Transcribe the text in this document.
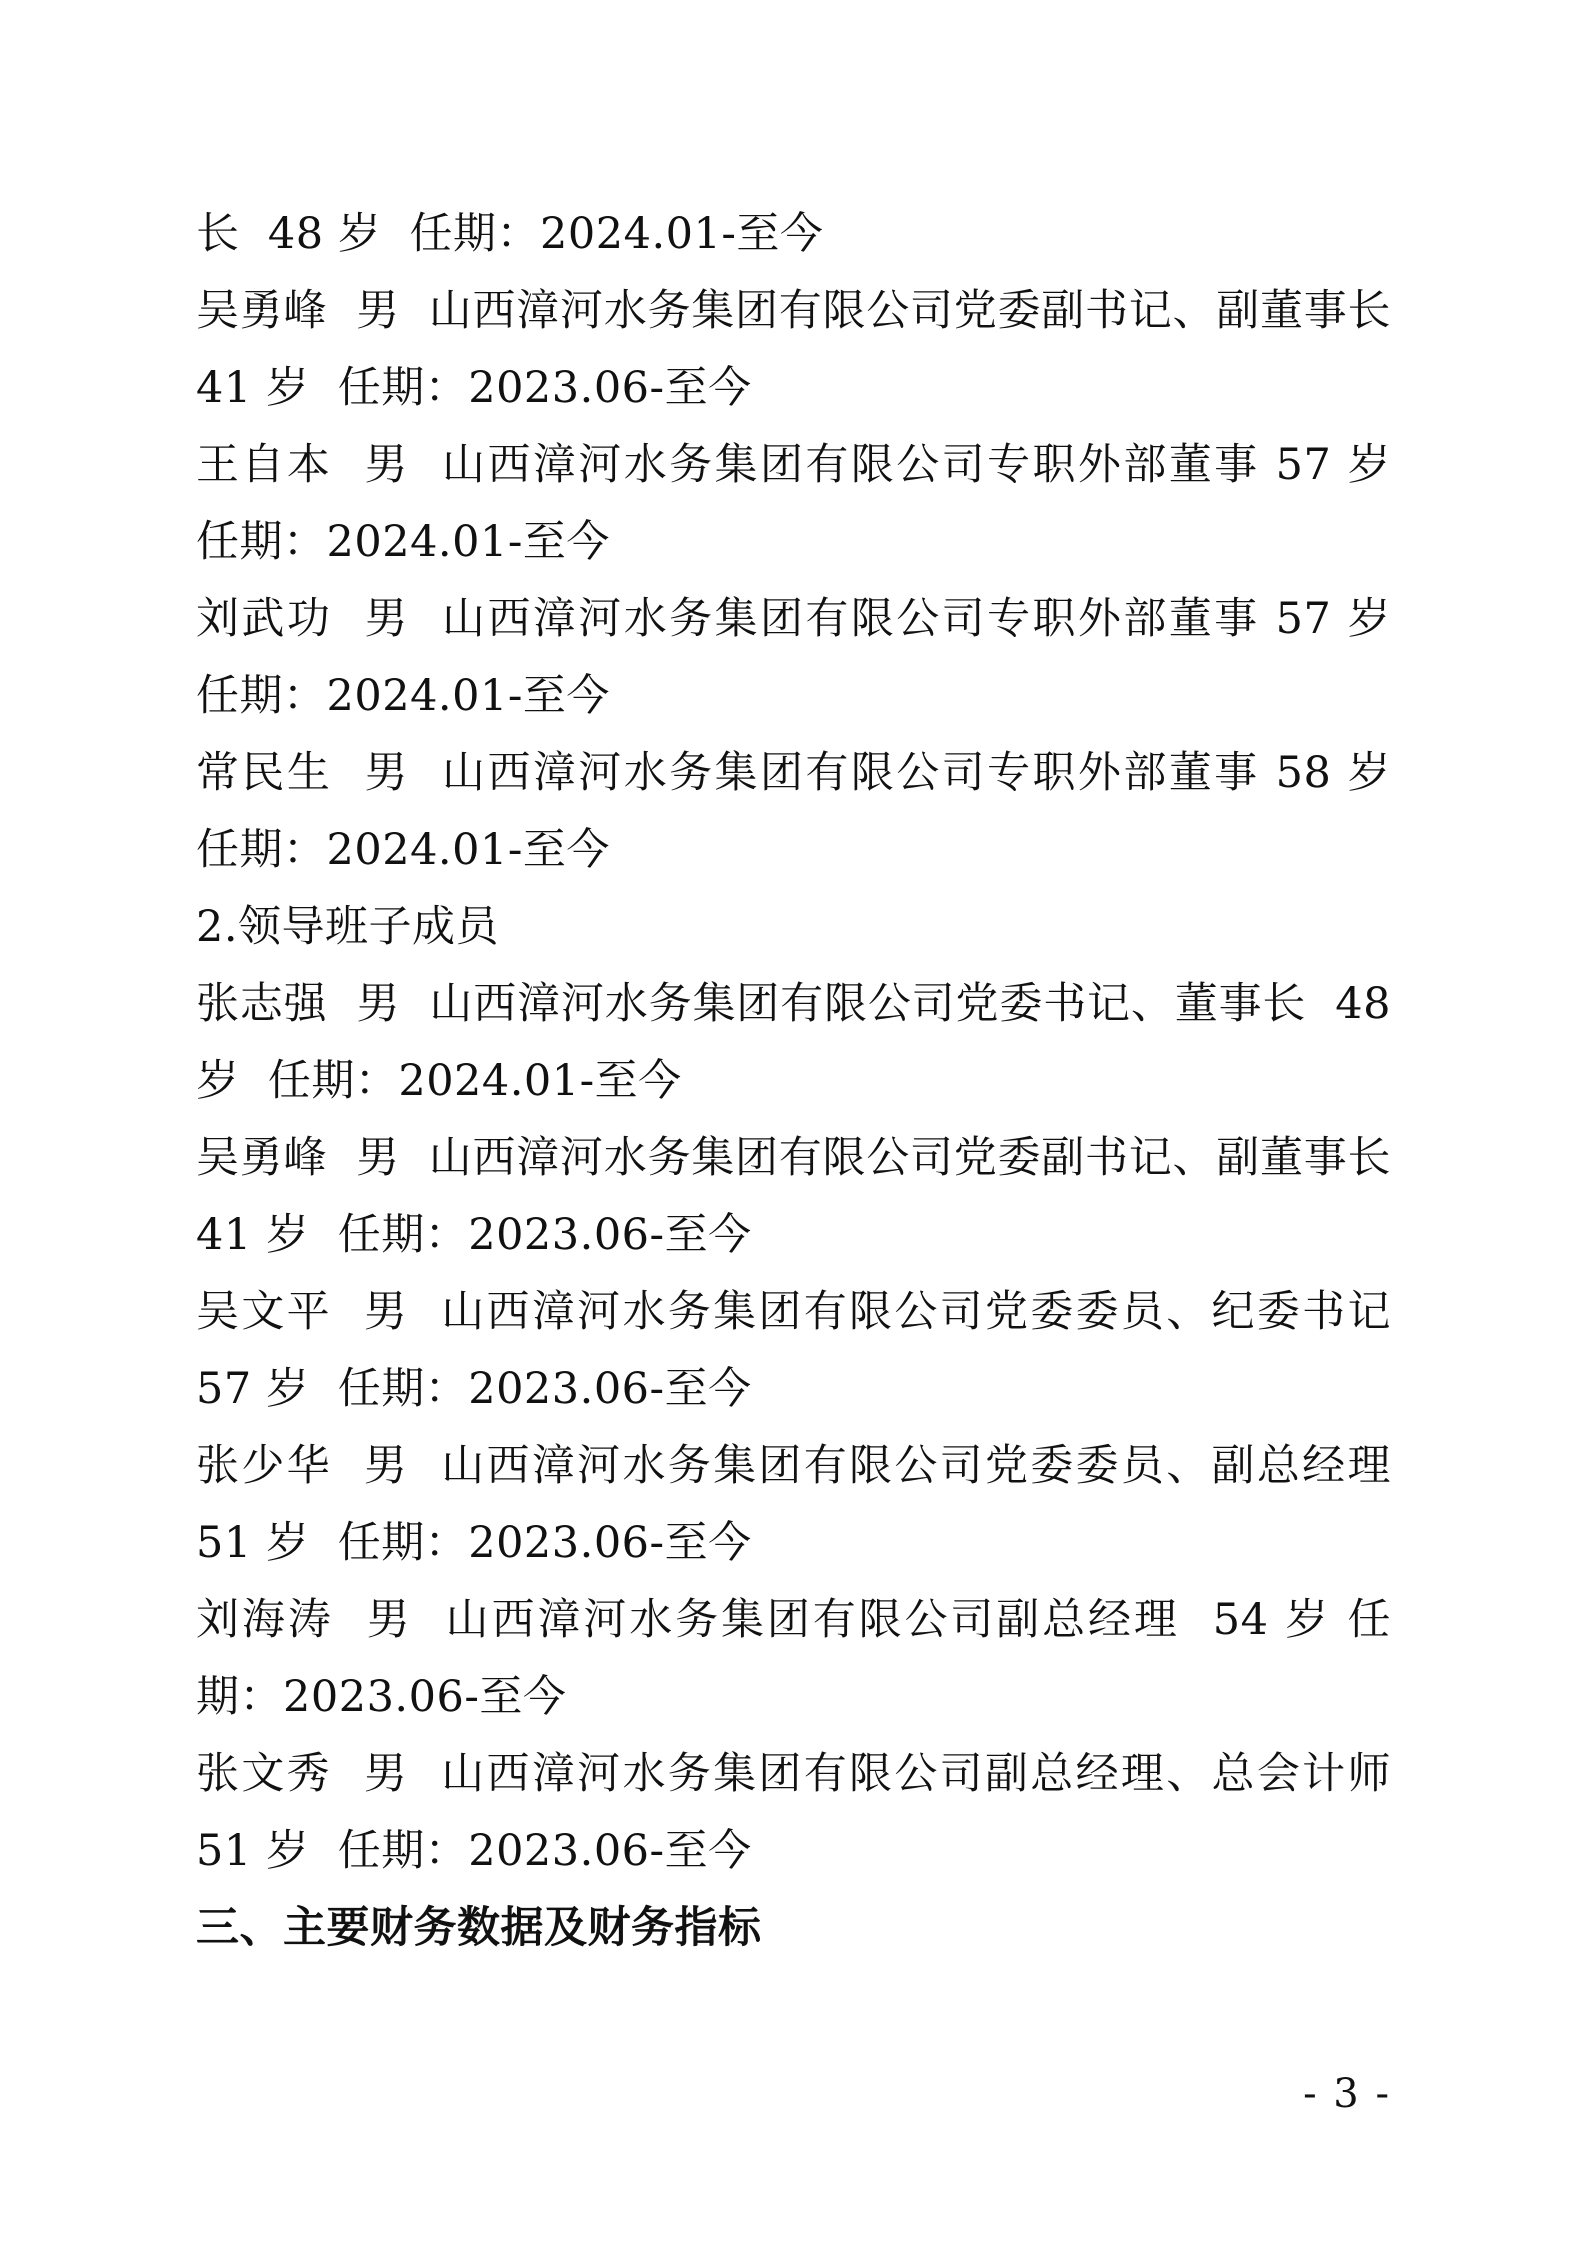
长  48 岁  任期：2024.01-至今

吴勇峰  男  山西漳河水务集团有限公司党委副书记、副董事长  41 岁  任期：2023.06-至今

王自本  男  山西漳河水务集团有限公司专职外部董事 57 岁  任期：2024.01-至今

刘武功  男  山西漳河水务集团有限公司专职外部董事 57 岁  任期：2024.01-至今

常民生  男  山西漳河水务集团有限公司专职外部董事 58 岁  任期：2024.01-至今

2.领导班子成员

张志强  男  山西漳河水务集团有限公司党委书记、董事长  48 岁  任期：2024.01-至今

吴勇峰  男  山西漳河水务集团有限公司党委副书记、副董事长  41 岁  任期：2023.06-至今

吴文平  男  山西漳河水务集团有限公司党委委员、纪委书记  57 岁  任期：2023.06-至今

张少华  男  山西漳河水务集团有限公司党委委员、副总经理  51 岁  任期：2023.06-至今

刘海涛  男  山西漳河水务集团有限公司副总经理  54 岁 任期：2023.06-至今

张文秀  男  山西漳河水务集团有限公司副总经理、总会计师  51 岁  任期：2023.06-至今

三、主要财务数据及财务指标

- 3 -
